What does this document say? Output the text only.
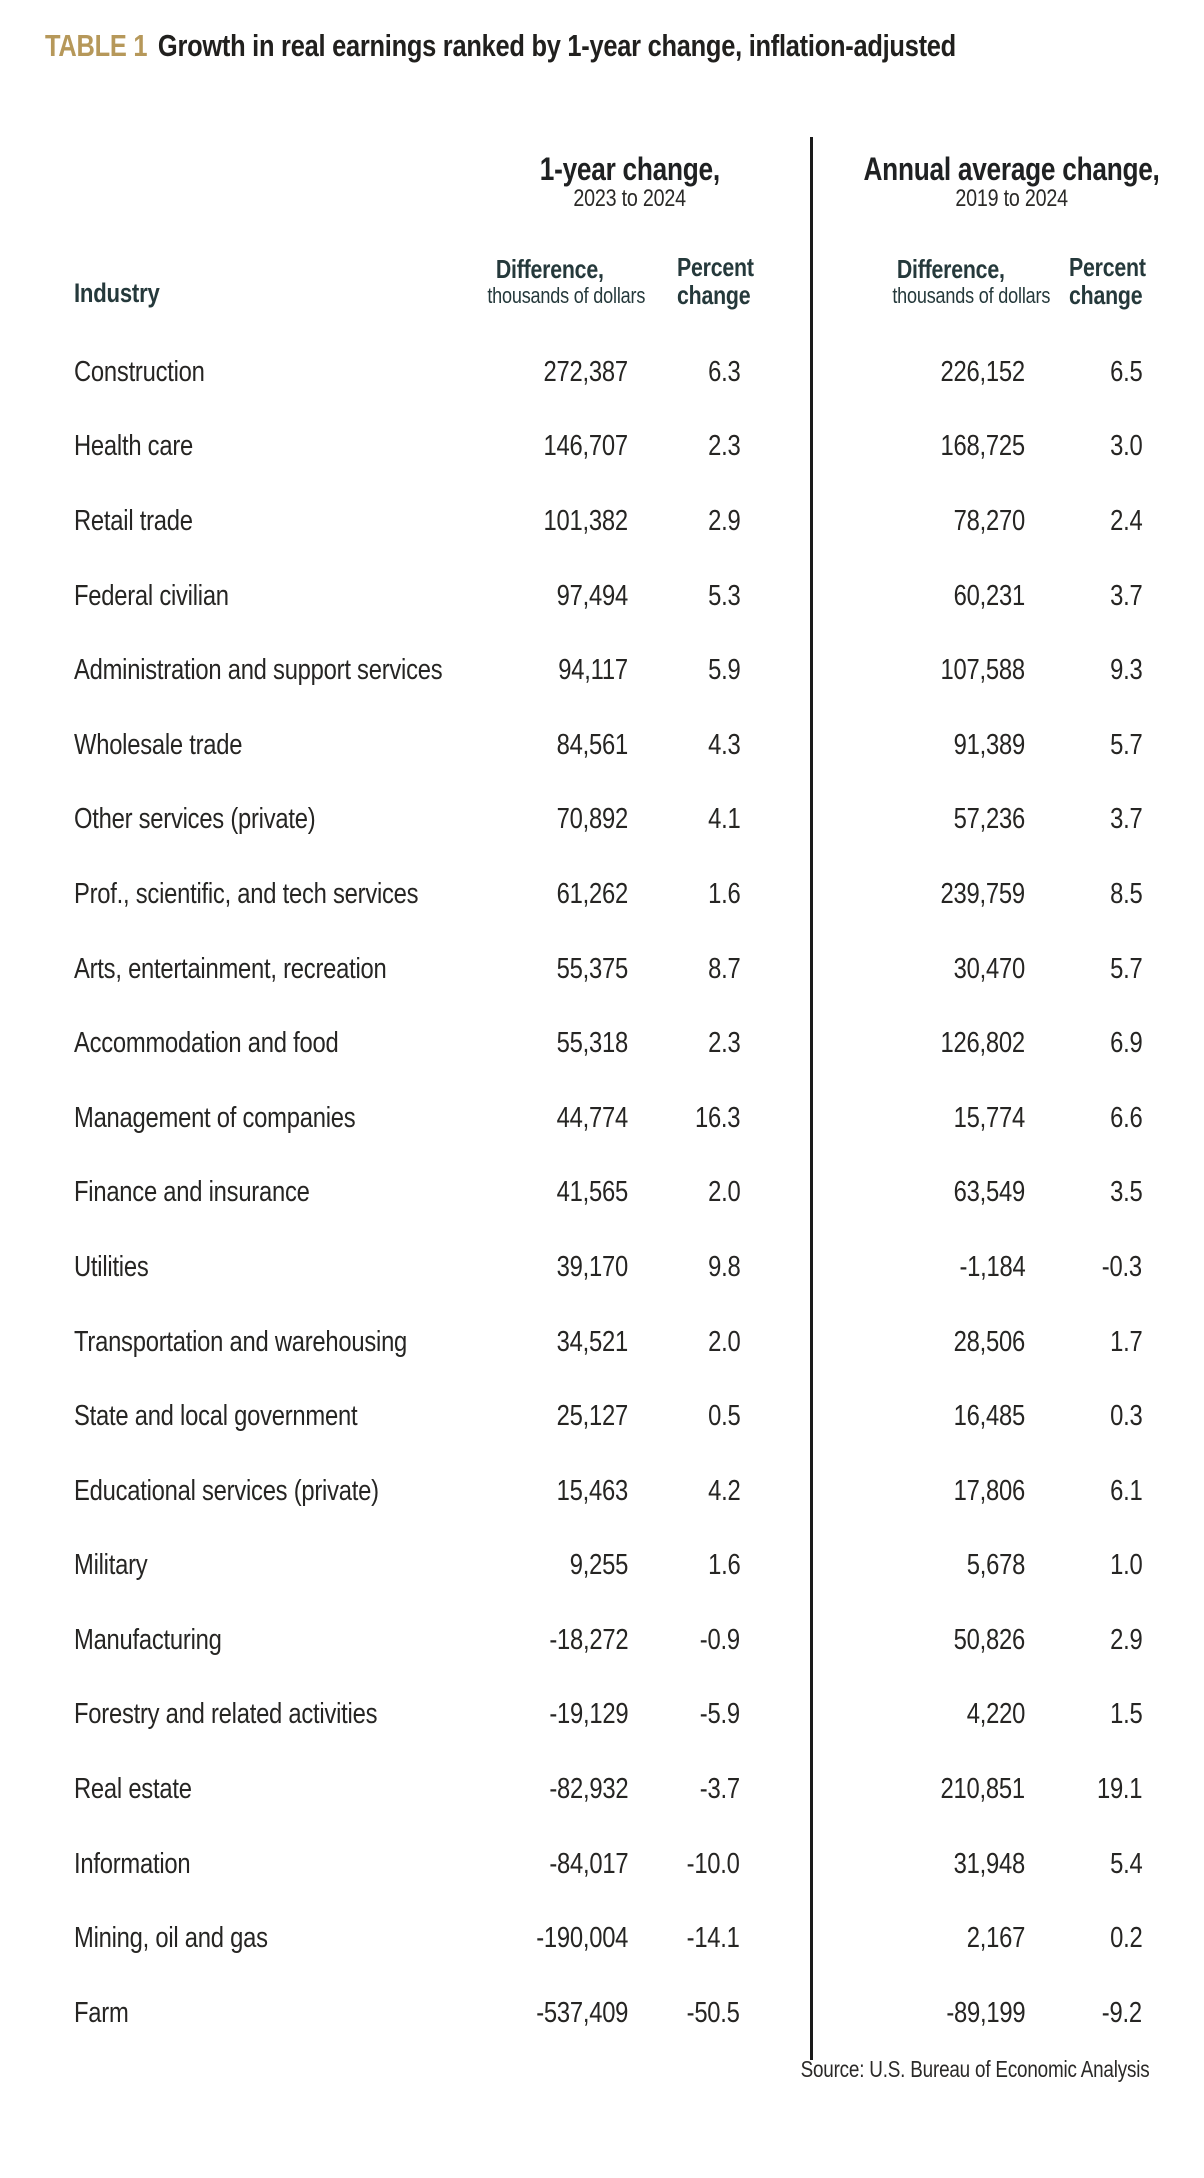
TABLE 1 Growth in real earnings ranked by 1-year change, inflation-adjusted

1-year change,
2023 to 2024

Annual average change,
2019 to 2024

Industry	
Difference,
thousands of dollars

Percent
change

Difference,
thousands of dollars

Percent
change

Construction	272,387	6.3		226,152	6.5
Health care	146,707	2.3		168,725	3.0
Retail trade	101,382	2.9		78,270	2.4
Federal civilian	97,494	5.3		60,231	3.7
Administration and support services	94,117	5.9		107,588	9.3
Wholesale trade	84,561	4.3		91,389	5.7
Other services (private)	70,892	4.1		57,236	3.7
Prof., scientific, and tech services	61,262	1.6		239,759	8.5
Arts, entertainment, recreation	55,375	8.7		30,470	5.7
Accommodation and food	55,318	2.3		126,802	6.9
Management of companies	44,774	16.3		15,774	6.6
Finance and insurance	41,565	2.0		63,549	3.5
Utilities	39,170	9.8		-1,184	-0.3
Transportation and warehousing	34,521	2.0		28,506	1.7
State and local government	25,127	0.5		16,485	0.3
Educational services (private)	15,463	4.2		17,806	6.1
Military	9,255	1.6		5,678	1.0
Manufacturing	-18,272	-0.9		50,826	2.9
Forestry and related activities	-19,129	-5.9		4,220	1.5
Real estate	-82,932	-3.7		210,851	19.1
Information	-84,017	-10.0		31,948	5.4
Mining, oil and gas	-190,004	-14.1		2,167	0.2
Farm	-537,409	-50.5		-89,199	-9.2
Source: U.S. Bureau of Economic Analysis
